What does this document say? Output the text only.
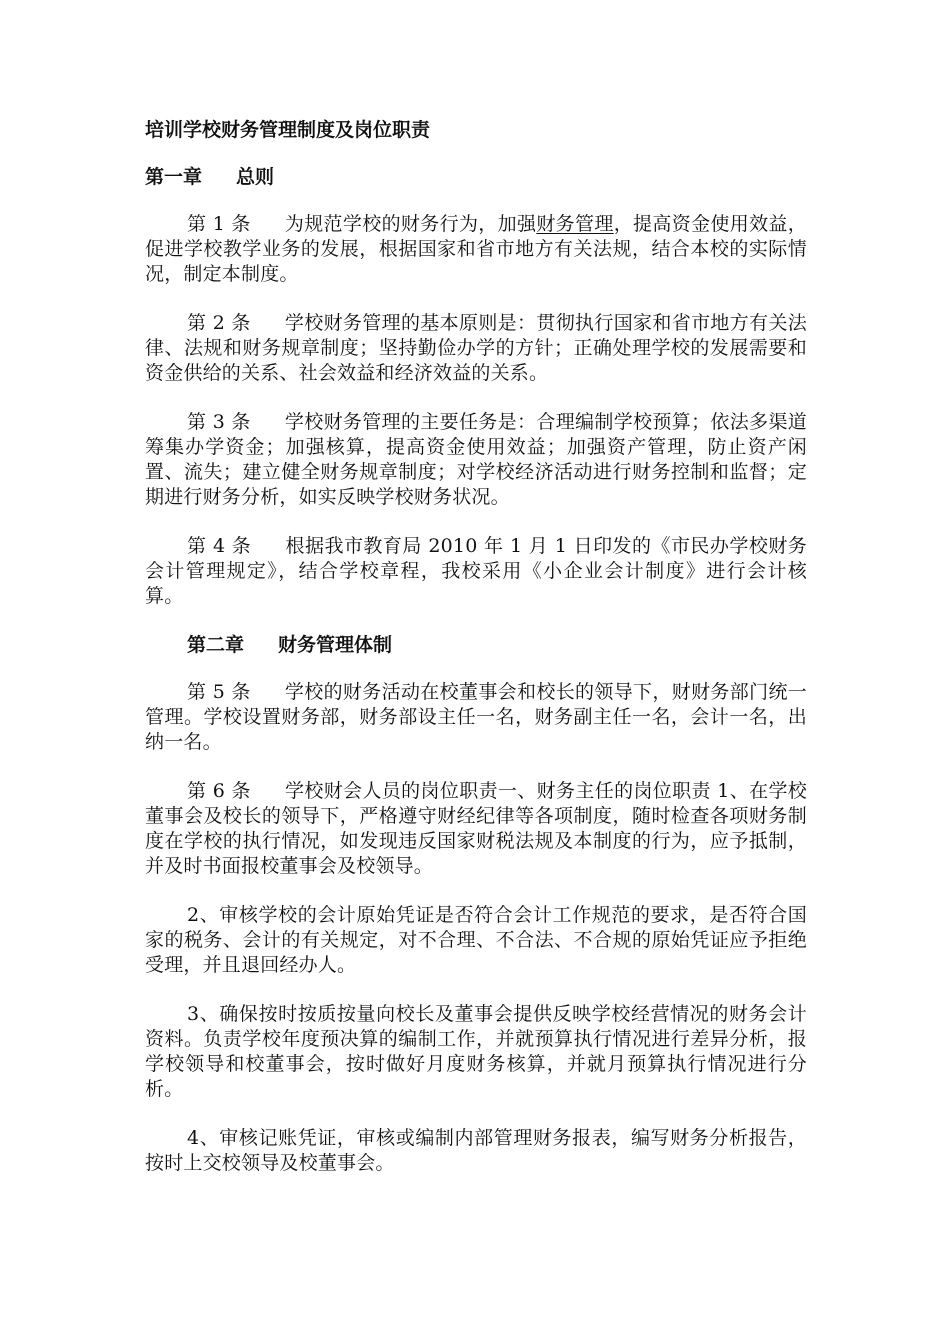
培训学校财务管理制度及岗位职责
第一章 总则

第 1 条 为规范学校的财务行为，加强财务管理，提高资金使用效益，促进学校教学业务的发展，根据国家和省市地方有关法规，结合本校的实际情况，制定本制度。

第 2 条 学校财务管理的基本原则是：贯彻执行国家和省市地方有关法律、法规和财务规章制度；坚持勤俭办学的方针；正确处理学校的发展需要和资金供给的关系、社会效益和经济效益的关系。

第 3 条 学校财务管理的主要任务是：合理编制学校预算；依法多渠道筹集办学资金；加强核算，提高资金使用效益；加强资产管理，防止资产闲置、流失；建立健全财务规章制度；对学校经济活动进行财务控制和监督；定期进行财务分析，如实反映学校财务状况。

第 4 条 根据我市教育局 2010 年 1 月 1 日印发的《市民办学校财务会计管理规定》，结合学校章程，我校采用《小企业会计制度》进行会计核算。

第二章 财务管理体制

第 5 条 学校的财务活动在校董事会和校长的领导下，财财务部门统一管理。学校设置财务部，财务部设主任一名，财务副主任一名，会计一名，出纳一名。

第 6 条 学校财会人员的岗位职责一、财务主任的岗位职责 1、在学校董事会及校长的领导下，严格遵守财经纪律等各项制度，随时检查各项财务制度在学校的执行情况，如发现违反国家财税法规及本制度的行为，应予抵制，并及时书面报校董事会及校领导。

2、审核学校的会计原始凭证是否符合会计工作规范的要求，是否符合国家的税务、会计的有关规定，对不合理、不合法、不合规的原始凭证应予拒绝受理，并且退回经办人。

3、确保按时按质按量向校长及董事会提供反映学校经营情况的财务会计资料。负责学校年度预决算的编制工作，并就预算执行情况进行差异分析，报学校领导和校董事会，按时做好月度财务核算，并就月预算执行情况进行分析。

4、审核记账凭证，审核或编制内部管理财务报表，编写财务分析报告，按时上交校领导及校董事会。
